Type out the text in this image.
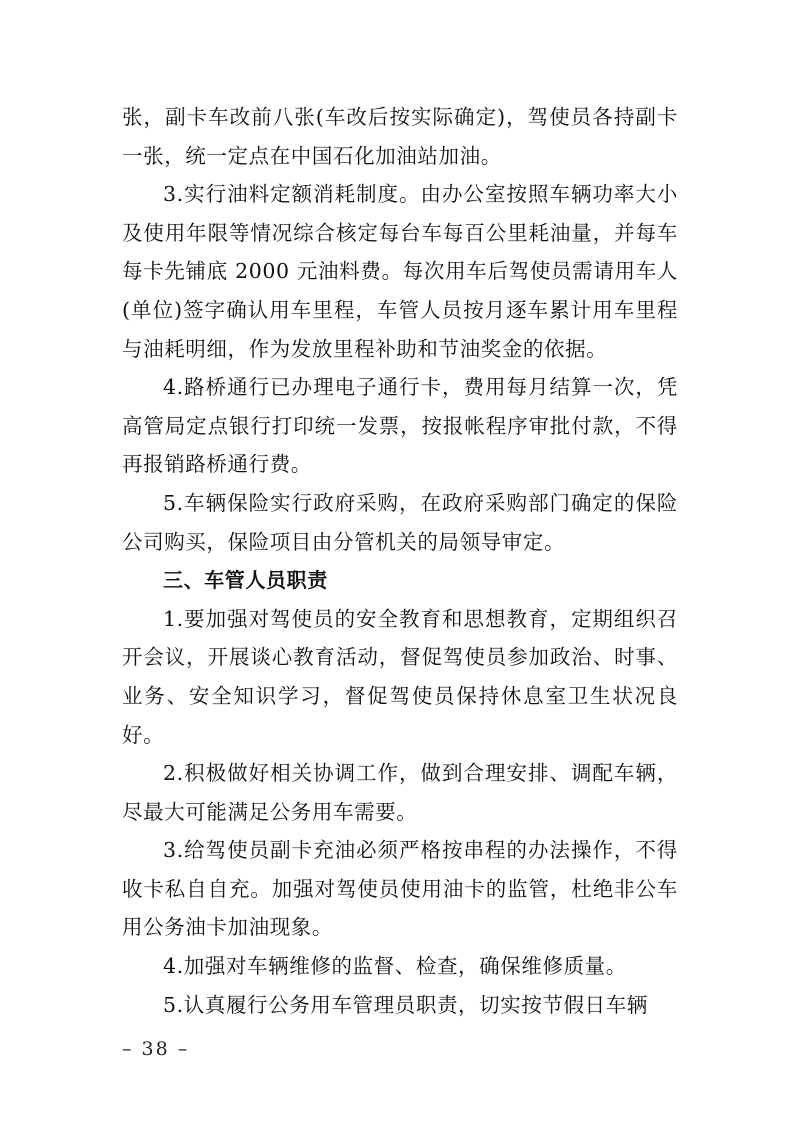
张，副卡车改前八张(车改后按实际确定)，驾使员各持副卡一张，统一定点在中国石化加油站加油。

3.实行油料定额消耗制度。由办公室按照车辆功率大小及使用年限等情况综合核定每台车每百公里耗油量，并每车每卡先铺底 2000 元油料费。每次用车后驾使员需请用车人(单位)签字确认用车里程，车管人员按月逐车累计用车里程与油耗明细，作为发放里程补助和节油奖金的依据。

4.路桥通行已办理电子通行卡，费用每月结算一次，凭高管局定点银行打印统一发票，按报帐程序审批付款，不得再报销路桥通行费。

5.车辆保险实行政府采购，在政府采购部门确定的保险公司购买，保险项目由分管机关的局领导审定。

三、车管人员职责

1.要加强对驾使员的安全教育和思想教育，定期组织召开会议，开展谈心教育活动，督促驾使员参加政治、时事、业务、安全知识学习，督促驾使员保持休息室卫生状况良好。

2.积极做好相关协调工作，做到合理安排、调配车辆，尽最大可能满足公务用车需要。

3.给驾使员副卡充油必须严格按串程的办法操作，不得收卡私自自充。加强对驾使员使用油卡的监管，杜绝非公车用公务油卡加油现象。

4.加强对车辆维修的监督、检查，确保维修质量。

5.认真履行公务用车管理员职责，切实按节假日车辆

– 38 –
